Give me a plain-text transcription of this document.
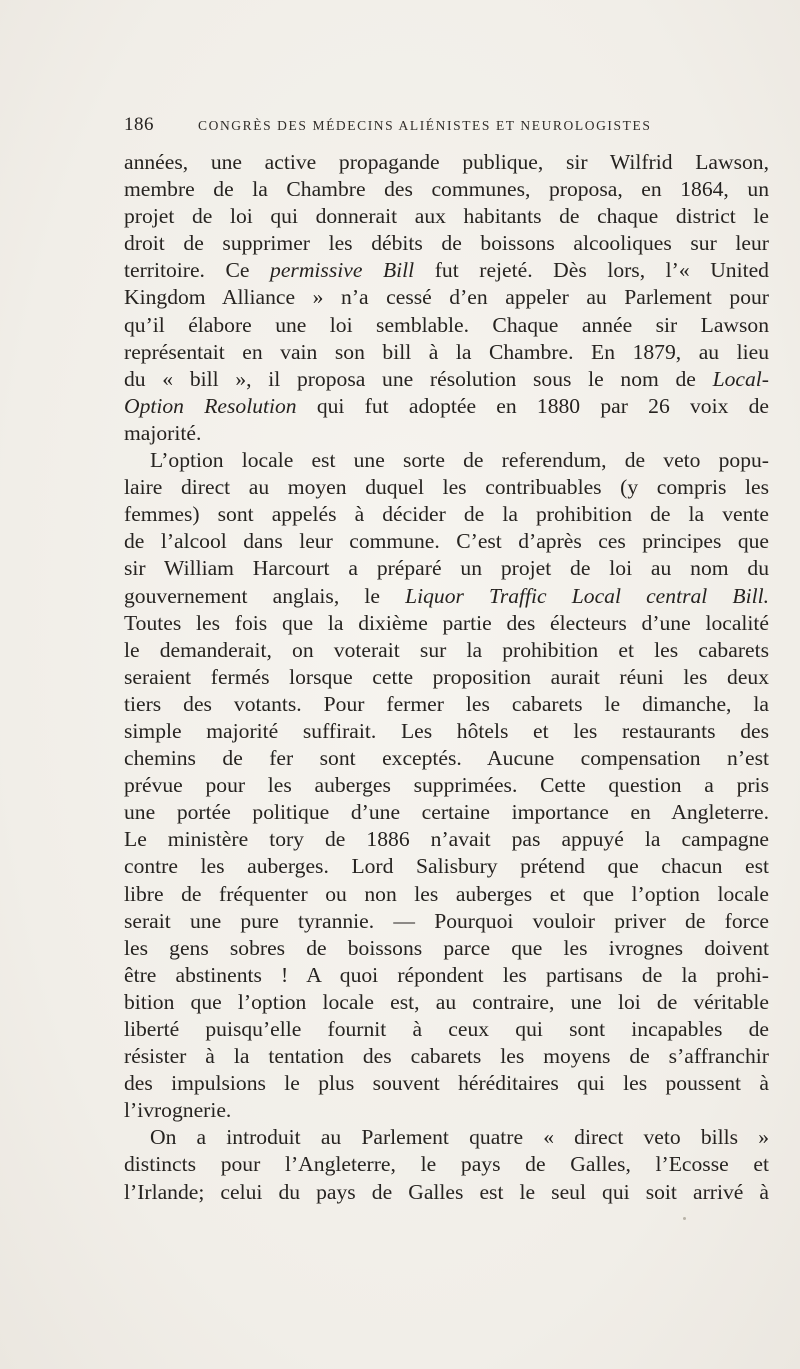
186	CONGRÈS DES MÉDECINS ALIÉNISTES ET NEUROLOGISTES
années, une active propagande publique, sir Wilfrid Lawson,
membre de la Chambre des communes, proposa, en 1864, un
projet de loi qui donnerait aux habitants de chaque district le
droit de supprimer les débits de boissons alcooliques sur leur
territoire. Ce permissive Bill fut rejeté. Dès lors, l’« United
Kingdom Alliance » n’a cessé d’en appeler au Parlement pour
qu’il élabore une loi semblable. Chaque année sir Lawson
représentait en vain son bill à la Chambre. En 1879, au lieu
du « bill », il proposa une résolution sous le nom de Local-
Option Resolution qui fut adoptée en 1880 par 26 voix de
majorité.
L’option locale est une sorte de referendum, de veto popu-
laire direct au moyen duquel les contribuables (y compris les
femmes) sont appelés à décider de la prohibition de la vente
de l’alcool dans leur commune. C’est d’après ces principes que
sir William Harcourt a préparé un projet de loi au nom du
gouvernement anglais, le Liquor Traffic Local central Bill.
Toutes les fois que la dixième partie des électeurs d’une localité
le demanderait, on voterait sur la prohibition et les cabarets
seraient fermés lorsque cette proposition aurait réuni les deux
tiers des votants. Pour fermer les cabarets le dimanche, la
simple majorité suffirait. Les hôtels et les restaurants des
chemins de fer sont exceptés. Aucune compensation n’est
prévue pour les auberges supprimées. Cette question a pris
une portée politique d’une certaine importance en Angleterre.
Le ministère tory de 1886 n’avait pas appuyé la campagne
contre les auberges. Lord Salisbury prétend que chacun est
libre de fréquenter ou non les auberges et que l’option locale
serait une pure tyrannie. — Pourquoi vouloir priver de force
les gens sobres de boissons parce que les ivrognes doivent
être abstinents ! A quoi répondent les partisans de la prohi-
bition que l’option locale est, au contraire, une loi de véritable
liberté puisqu’elle fournit à ceux qui sont incapables de
résister à la tentation des cabarets les moyens de s’affranchir
des impulsions le plus souvent héréditaires qui les poussent à
l’ivrognerie.
On a introduit au Parlement quatre « direct veto bills »
distincts pour l’Angleterre, le pays de Galles, l’Ecosse et
l’Irlande; celui du pays de Galles est le seul qui soit arrivé à
